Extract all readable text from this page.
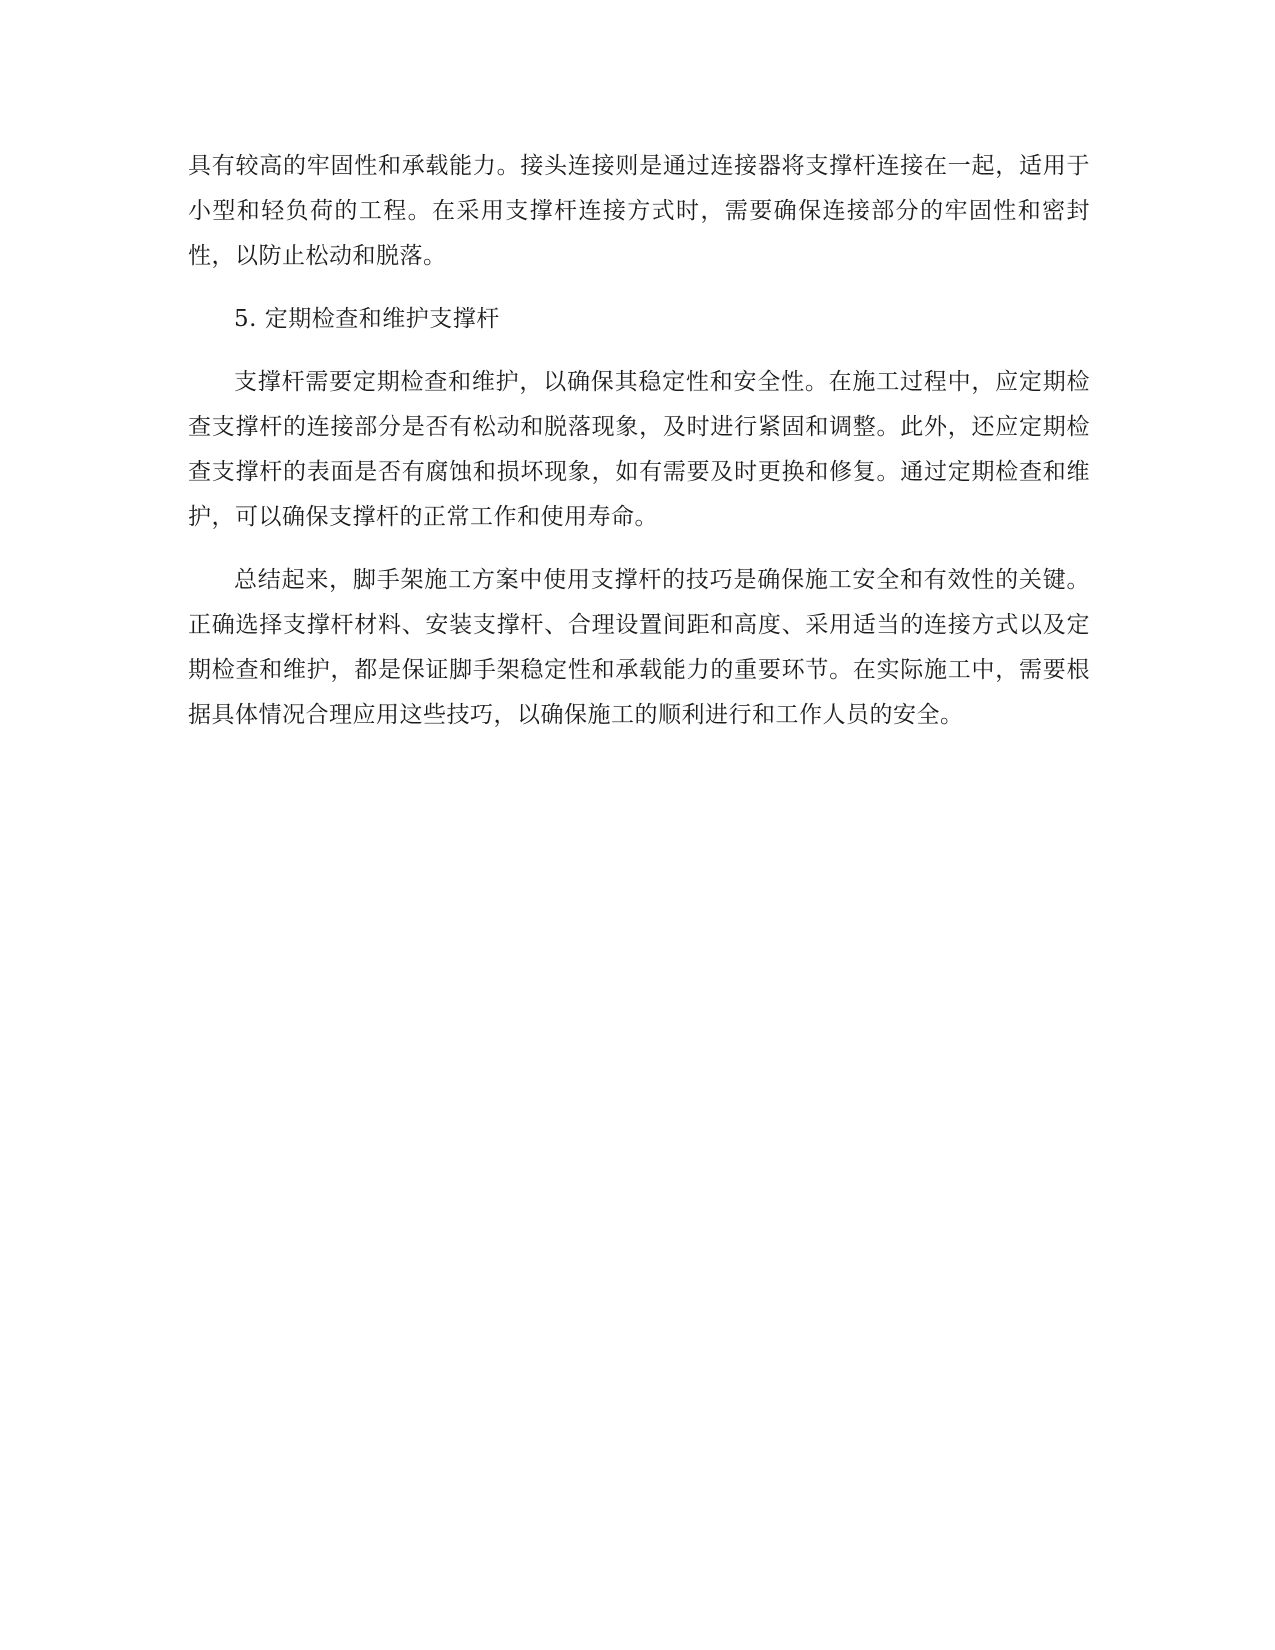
具有较高的牢固性和承载能力。接头连接则是通过连接器将支撑杆连接在一起，适用于小型和轻负荷的工程。在采用支撑杆连接方式时，需要确保连接部分的牢固性和密封性，以防止松动和脱落。

5. 定期检查和维护支撑杆

支撑杆需要定期检查和维护，以确保其稳定性和安全性。在施工过程中，应定期检查支撑杆的连接部分是否有松动和脱落现象，及时进行紧固和调整。此外，还应定期检查支撑杆的表面是否有腐蚀和损坏现象，如有需要及时更换和修复。通过定期检查和维护，可以确保支撑杆的正常工作和使用寿命。

总结起来，脚手架施工方案中使用支撑杆的技巧是确保施工安全和有效性的关键。正确选择支撑杆材料、安装支撑杆、合理设置间距和高度、采用适当的连接方式以及定期检查和维护，都是保证脚手架稳定性和承载能力的重要环节。在实际施工中，需要根据具体情况合理应用这些技巧，以确保施工的顺利进行和工作人员的安全。
